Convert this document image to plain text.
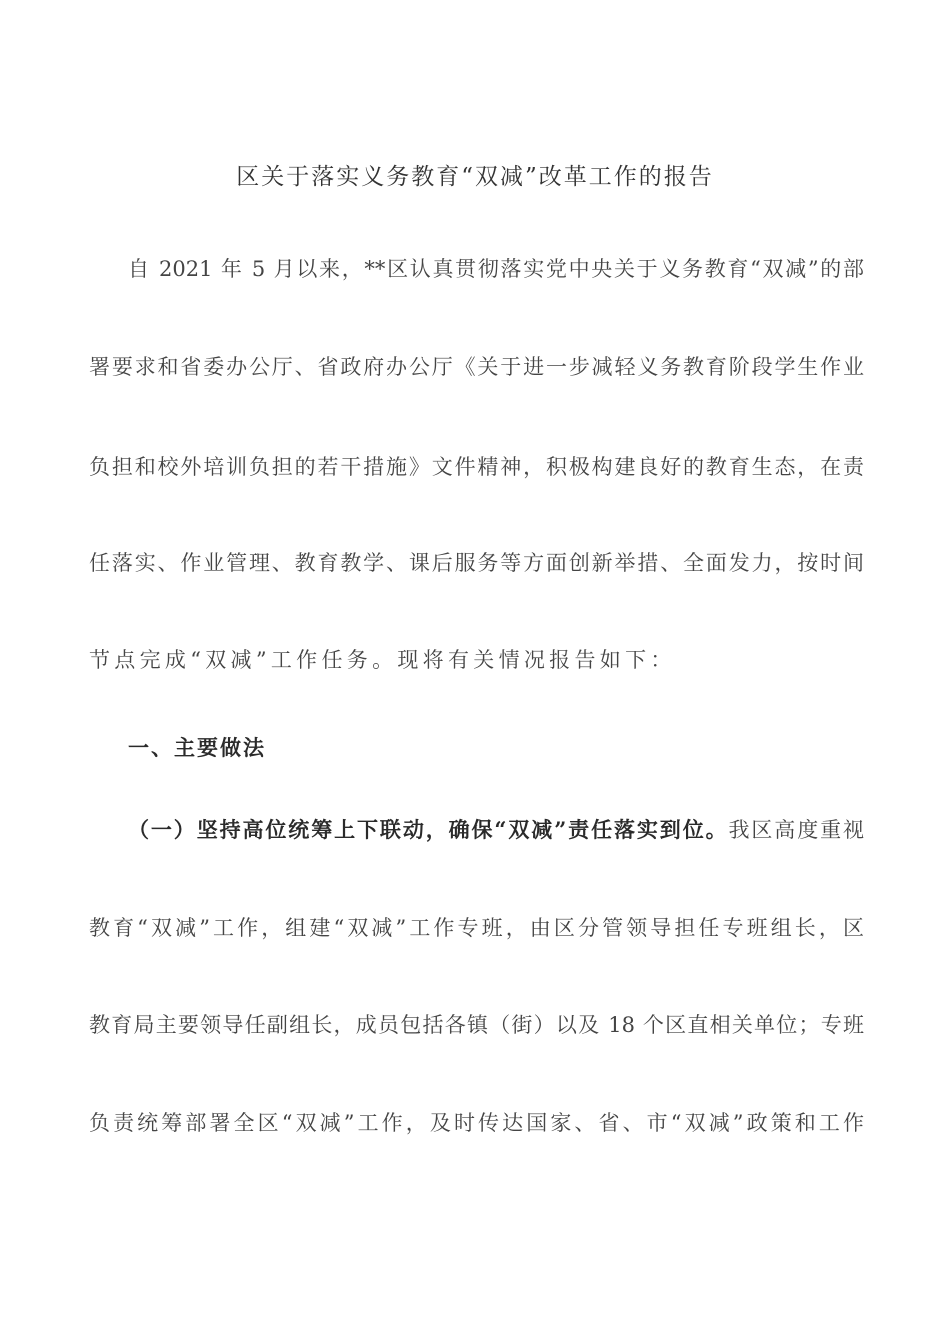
区关于落实义务教育“双减”改革工作的报告
自 2021 年 5 月以来，**区认真贯彻落实党中央关于义务教育“双减”的部
署要求和省委办公厅、省政府办公厅《关于进一步减轻义务教育阶段学生作业
负担和校外培训负担的若干措施》文件精神，积极构建良好的教育生态，在责
任落实、作业管理、教育教学、课后服务等方面创新举措、全面发力，按时间
节点完成“双减”工作任务。现将有关情况报告如下：
一、主要做法
（一）坚持高位统筹上下联动，确保“双减”责任落实到位。我区高度重视
教育“双减”工作，组建“双减”工作专班，由区分管领导担任专班组长，区
教育局主要领导任副组长，成员包括各镇（街）以及 18 个区直相关单位；专班
负责统筹部署全区“双减”工作，及时传达国家、省、市“双减”政策和工作
